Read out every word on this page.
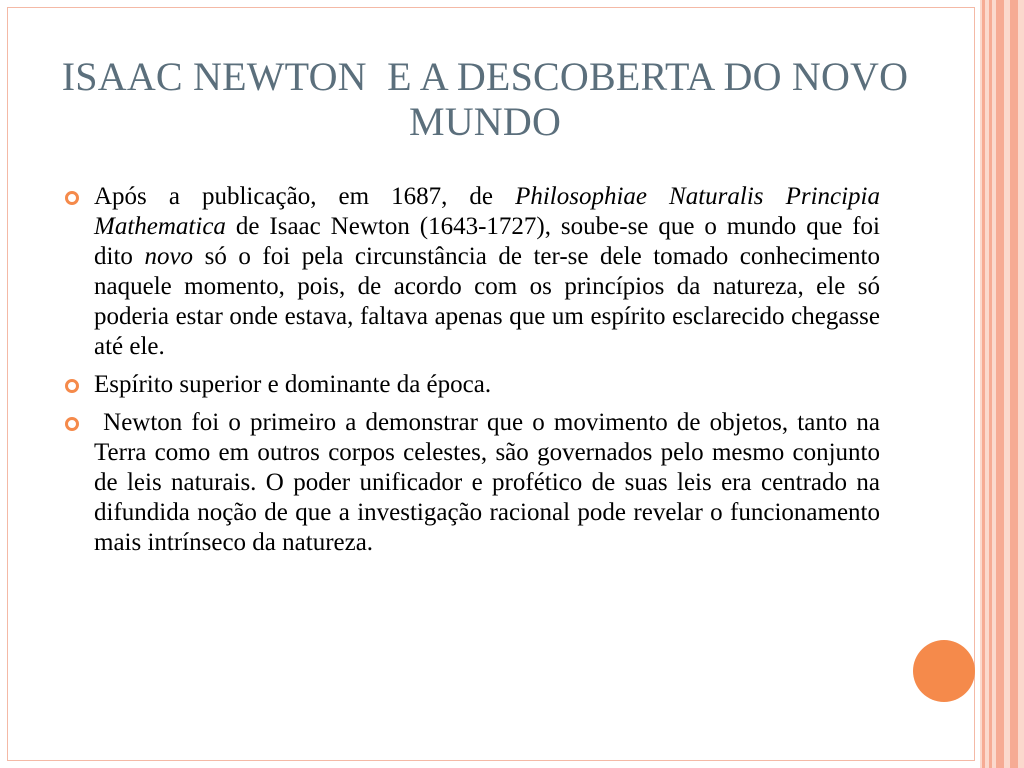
ISAAC NEWTON  E A DESCOBERTA DO NOVO MUNDO
Após a publicação, em 1687, de Philosophiae Naturalis Principia Mathematica de Isaac Newton (1643-1727), soube-se que o mundo que foi dito novo só o foi pela circunstância de ter-se dele tomado conhecimento naquele momento, pois, de acordo com os princípios da natureza, ele só poderia estar onde estava, faltava apenas que um espírito esclarecido chegasse até ele.
Espírito superior e dominante da época.
Newton foi o primeiro a demonstrar que o movimento de objetos, tanto na Terra como em outros corpos celestes, são governados pelo mesmo conjunto de leis naturais. O poder unificador e profético de suas leis era centrado na difundida noção de que a investigação racional pode revelar o funcionamento mais intrínseco da natureza.
